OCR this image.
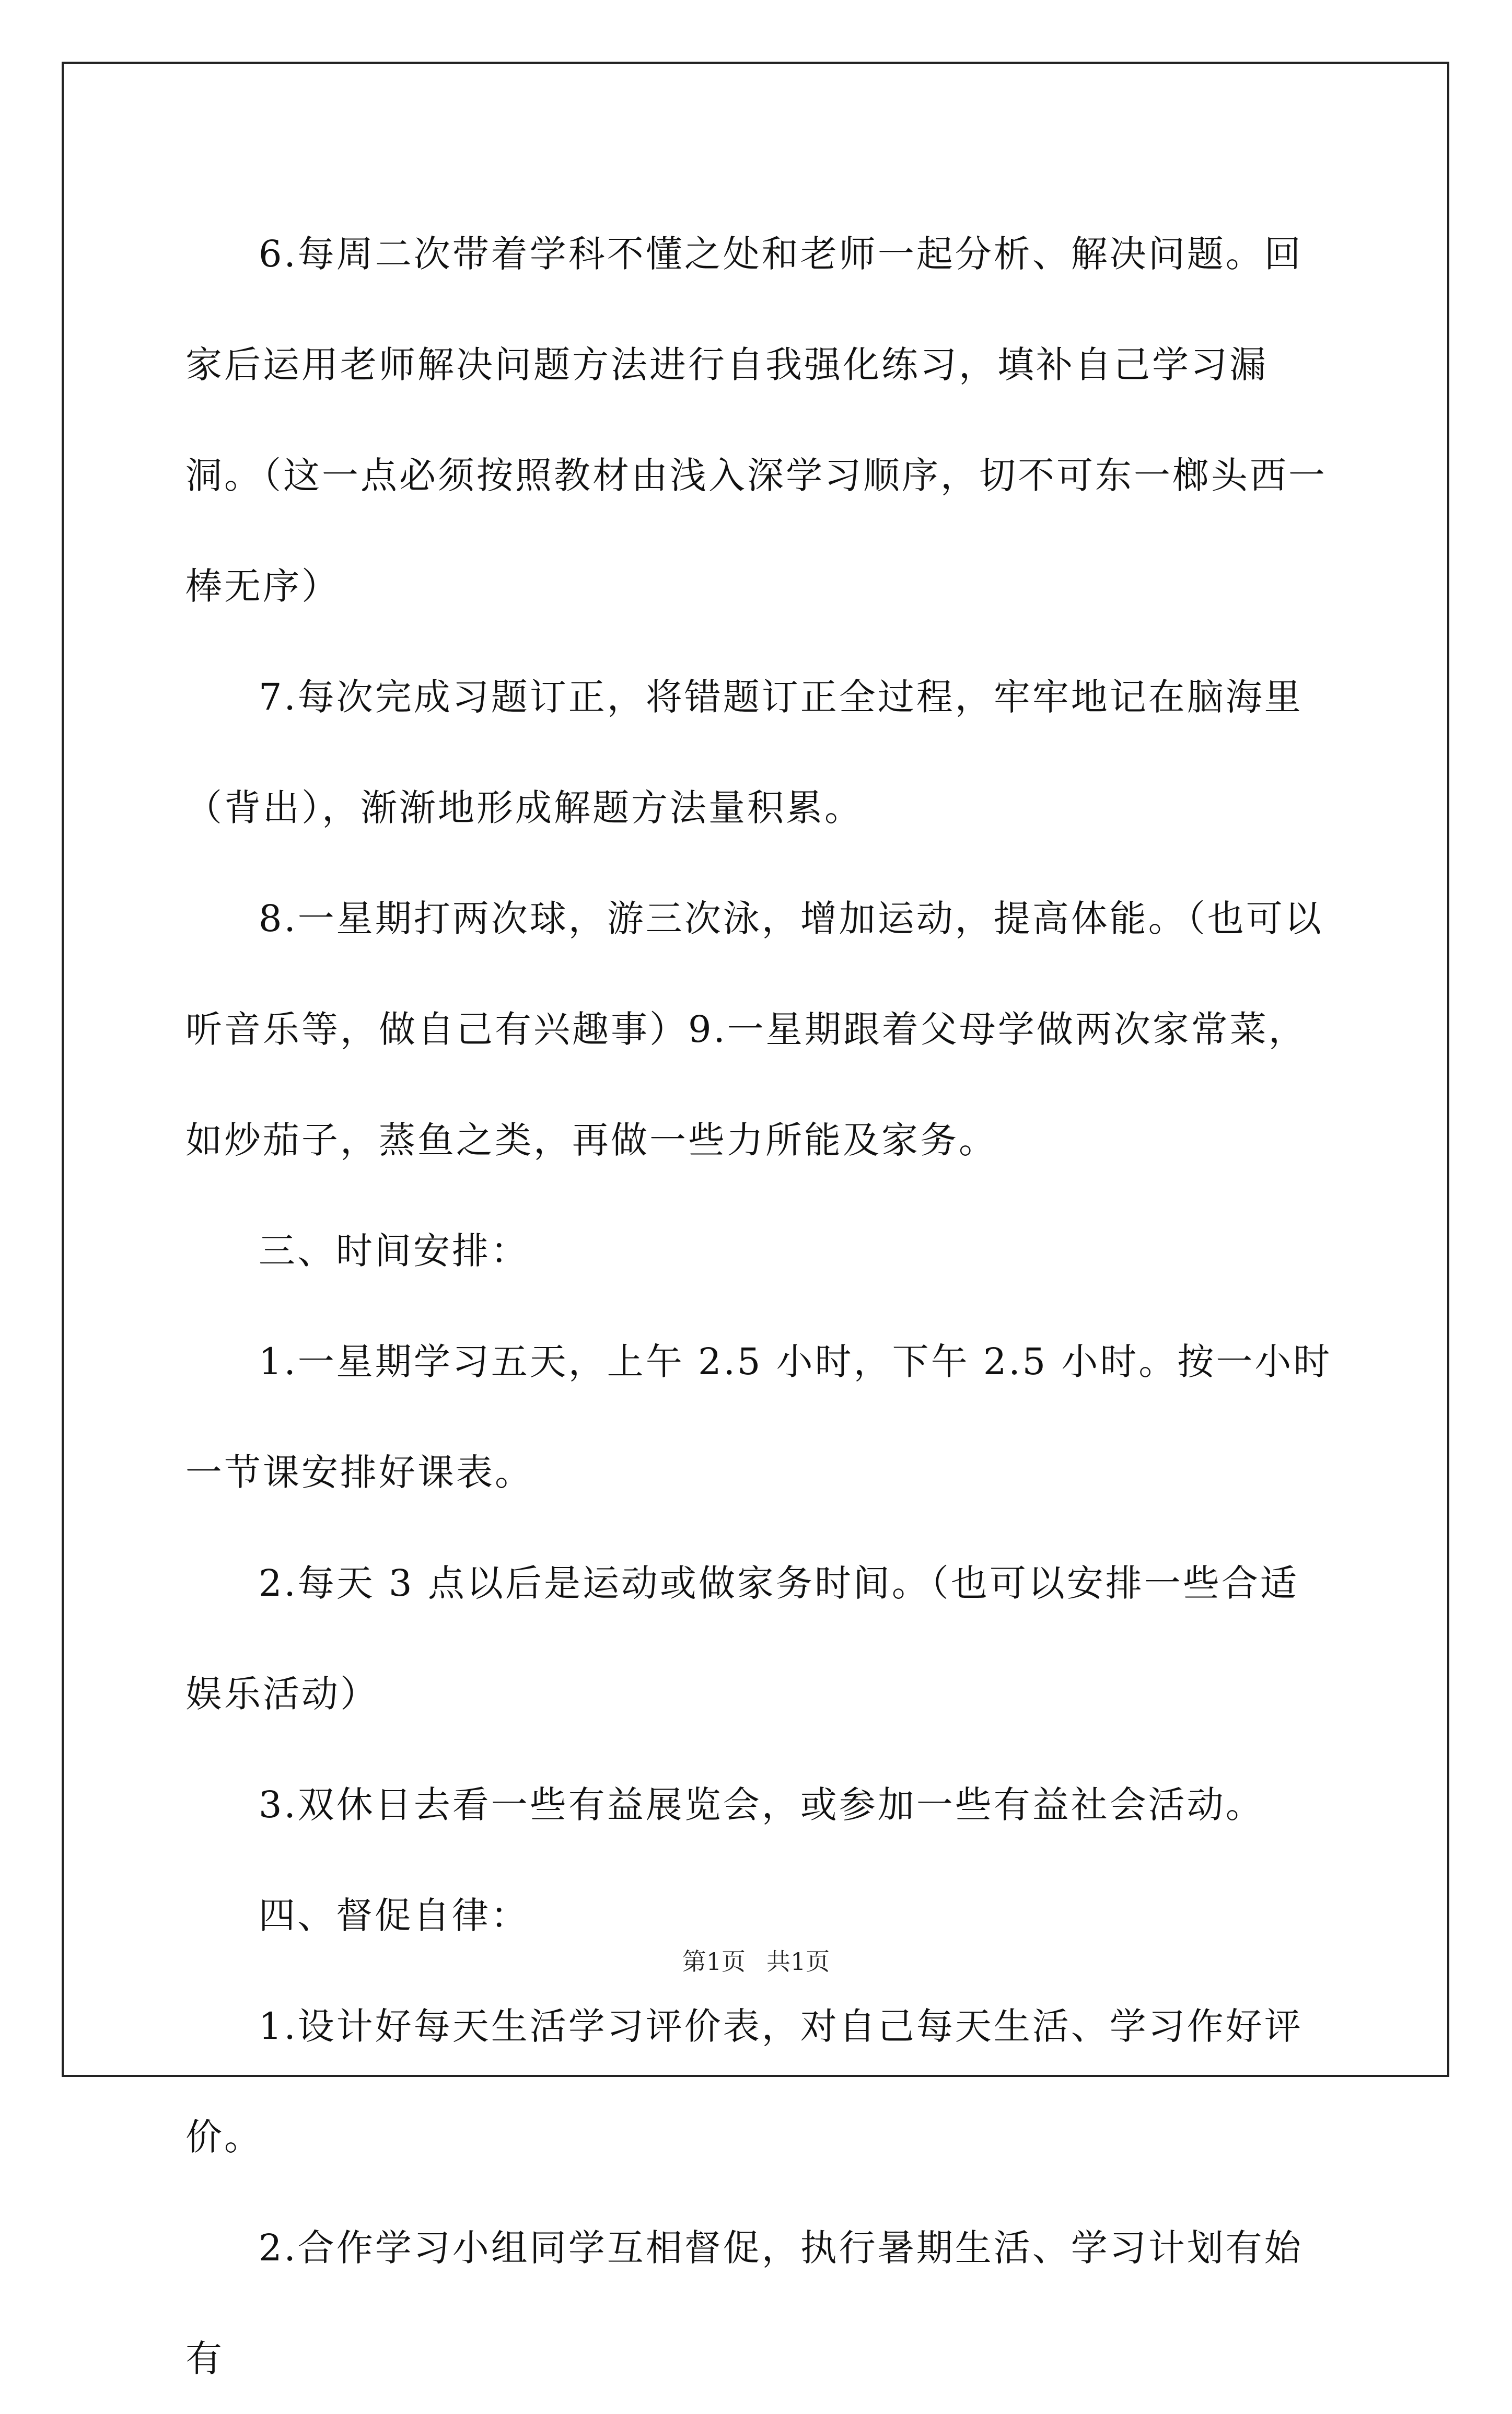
6.每周二次带着学科不懂之处和老师一起分析、解决问题。回家后运用老师解决问题方法进行自我强化练习，填补自己学习漏洞。（这一点必须按照教材由浅入深学习顺序，切不可东一榔头西一棒无序）

7.每次完成习题订正，将错题订正全过程，牢牢地记在脑海里（背出），渐渐地形成解题方法量积累。

8.一星期打两次球，游三次泳，增加运动，提高体能。（也可以听音乐等，做自己有兴趣事）9.一星期跟着父母学做两次家常菜，如炒茄子，蒸鱼之类，再做一些力所能及家务。

三、时间安排：

1.一星期学习五天，上午 2.5 小时，下午 2.5 小时。按一小时一节课安排好课表。

2.每天 3 点以后是运动或做家务时间。（也可以安排一些合适娱乐活动）

3.双休日去看一些有益展览会，或参加一些有益社会活动。

四、督促自律：

1.设计好每天生活学习评价表，对自己每天生活、学习作好评价。

2.合作学习小组同学互相督促，执行暑期生活、学习计划有始有

第1页 共1页
